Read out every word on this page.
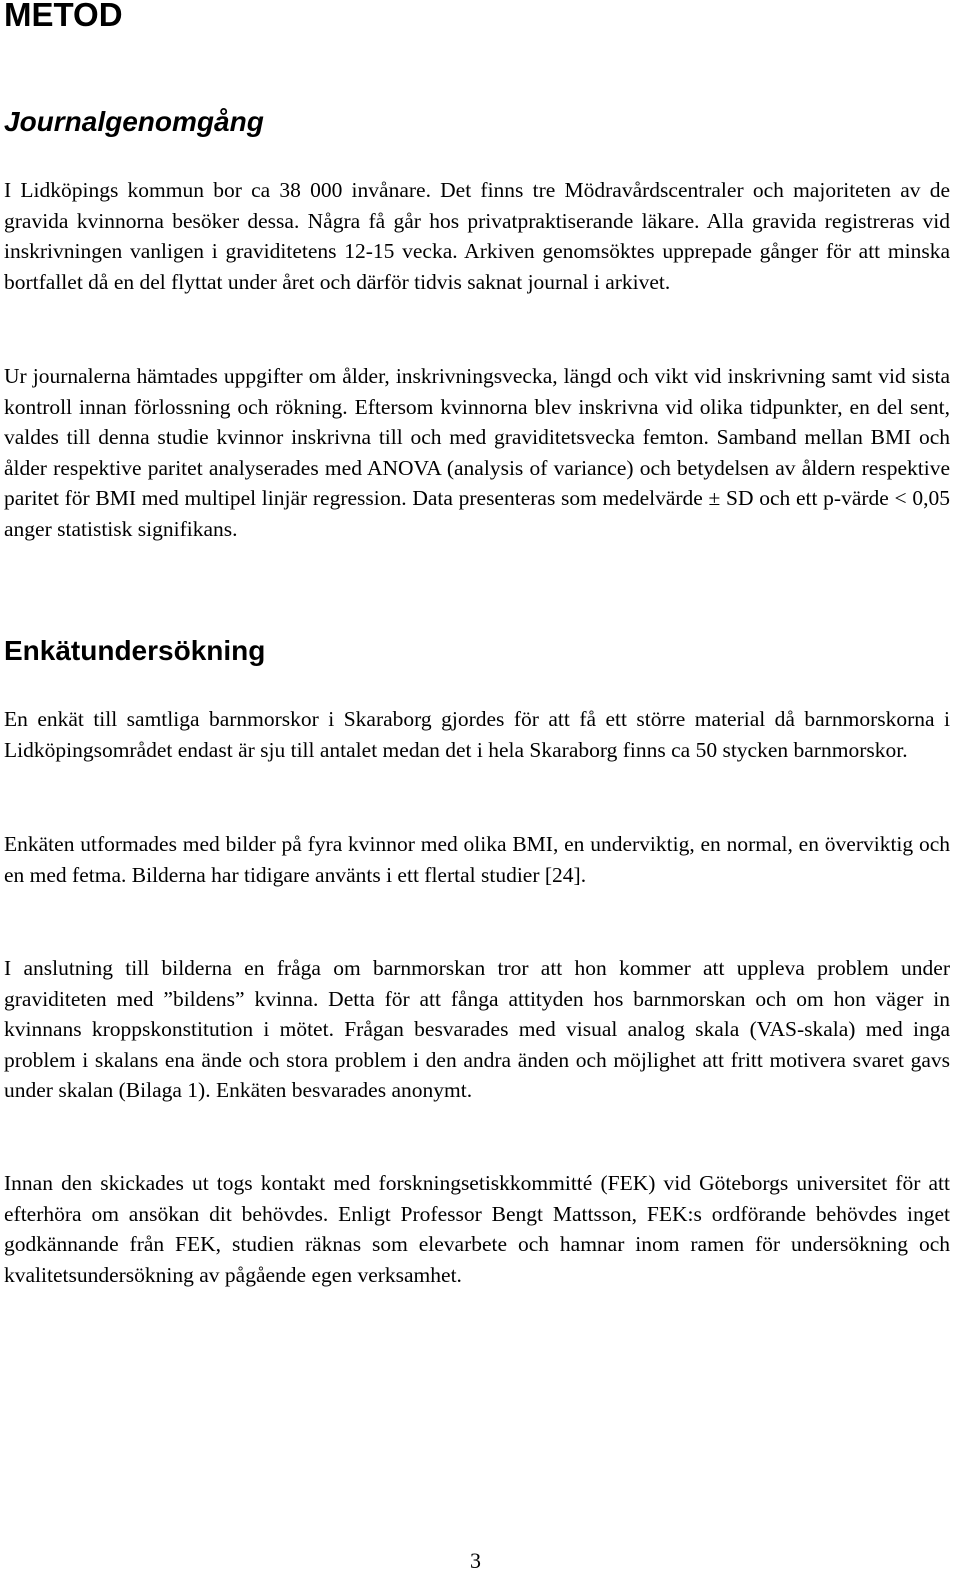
METOD
Journalgenomgång

I Lidköpings kommun bor ca 38 000 invånare. Det finns tre Mödravårdscentraler och majoriteten av de gravida kvinnorna besöker dessa. Några få går hos privatpraktiserande läkare. Alla gravida registreras vid inskrivningen vanligen i graviditetens 12-15 vecka. Arkiven genomsöktes upprepade gånger för att minska bortfallet då en del flyttat under året och därför tidvis saknat journal i arkivet.

Ur journalerna hämtades uppgifter om ålder, inskrivningsvecka, längd och vikt vid inskrivning samt vid sista kontroll innan förlossning och rökning. Eftersom kvinnorna blev inskrivna vid olika tidpunkter, en del sent, valdes till denna studie kvinnor inskrivna till och med graviditetsvecka femton. Samband mellan BMI och ålder respektive paritet analyserades med ANOVA (analysis of variance) och betydelsen av åldern respektive paritet för BMI med multipel linjär regression. Data presenteras som medelvärde ± SD och ett p-värde < 0,05 anger statistisk signifikans.

Enkätundersökning

En enkät till samtliga barnmorskor i Skaraborg gjordes för att få ett större material då barnmorskorna i Lidköpingsområdet endast är sju till antalet medan det i hela Skaraborg finns ca 50 stycken barnmorskor.

Enkäten utformades med bilder på fyra kvinnor med olika BMI, en underviktig, en normal, en överviktig och en med fetma. Bilderna har tidigare använts i ett flertal studier [24].

I anslutning till bilderna en fråga om barnmorskan tror att hon kommer att uppleva problem under graviditeten med ”bildens” kvinna. Detta för att fånga attityden hos barnmorskan och om hon väger in kvinnans kroppskonstitution i mötet. Frågan besvarades med visual analog skala (VAS-skala) med inga problem i skalans ena ände och stora problem i den andra änden och möjlighet att fritt motivera svaret gavs under skalan (Bilaga 1). Enkäten besvarades anonymt.

Innan den skickades ut togs kontakt med forskningsetiskkommitté (FEK) vid Göteborgs universitet för att efterhöra om ansökan dit behövdes. Enligt Professor Bengt Mattsson, FEK:s ordförande behövdes inget godkännande från FEK, studien räknas som elevarbete och hamnar inom ramen för undersökning och kvalitetsundersökning av pågående egen verksamhet.

3
